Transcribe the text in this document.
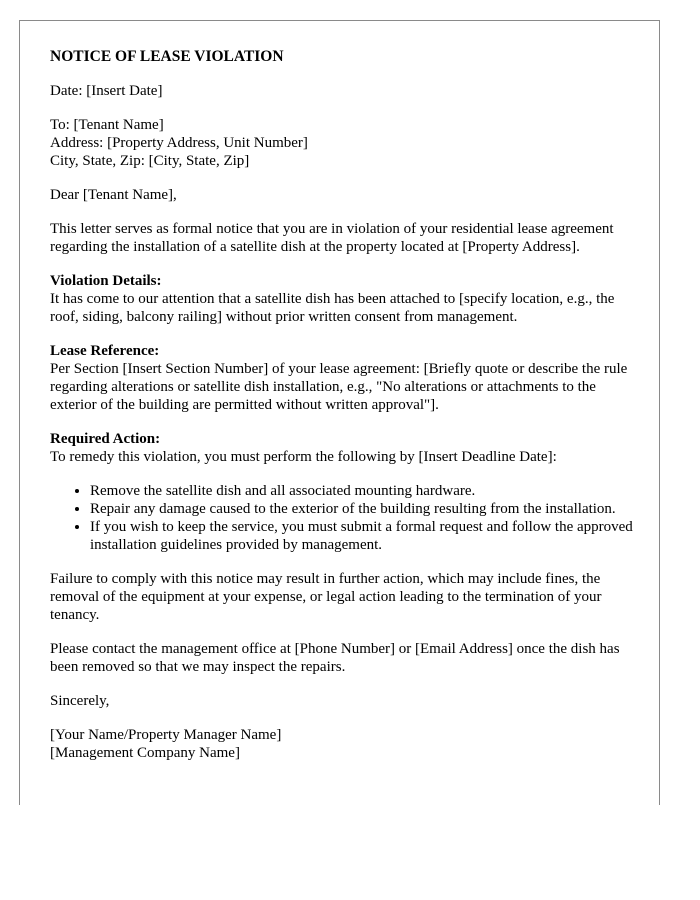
NOTICE OF LEASE VIOLATION

Date: [Insert Date]

To: [Tenant Name]
Address: [Property Address, Unit Number]
City, State, Zip: [City, State, Zip]

Dear [Tenant Name],

This letter serves as formal notice that you are in violation of your residential lease agreement regarding the installation of a satellite dish at the property located at [Property Address].

Violation Details:
It has come to our attention that a satellite dish has been attached to [specify location, e.g., the roof, siding, balcony railing] without prior written consent from management.
Lease Reference:
Per Section [Insert Section Number] of your lease agreement: [Briefly quote or describe the rule regarding alterations or satellite dish installation, e.g., "No alterations or attachments to the exterior of the building are permitted without written approval"].
Required Action:
To remedy this violation, you must perform the following by [Insert Deadline Date]:
• Remove the satellite dish and all associated mounting hardware.
• Repair any damage caused to the exterior of the building resulting from the installation.
• If you wish to keep the service, you must submit a formal request and follow the approved installation guidelines provided by management.

Failure to comply with this notice may result in further action, which may include fines, the removal of the equipment at your expense, or legal action leading to the termination of your tenancy.

Please contact the management office at [Phone Number] or [Email Address] once the dish has been removed so that we may inspect the repairs.

Sincerely,

[Your Name/Property Manager Name]
[Management Company Name]
